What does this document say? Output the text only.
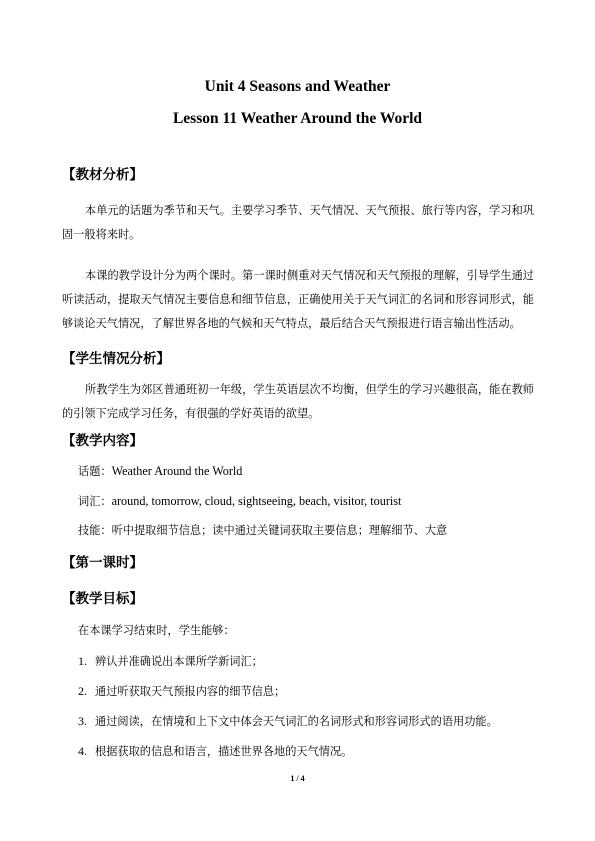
Unit 4 Seasons and Weather
Lesson 11 Weather Around the World
【教材分析】
本单元的话题为季节和天气。主要学习季节、天气情况、天气预报、旅行等内容，学习和巩固一般将来时。
本课的教学设计分为两个课时。第一课时侧重对天气情况和天气预报的理解，引导学生通过听读活动，提取天气情况主要信息和细节信息，正确使用关于天气词汇的名词和形容词形式，能够谈论天气情况，了解世界各地的气候和天气特点，最后结合天气预报进行语言输出性活动。
【学生情况分析】
所教学生为郊区普通班初一年级，学生英语层次不均衡，但学生的学习兴趣很高，能在教师的引领下完成学习任务，有很强的学好英语的欲望。
【教学内容】
话题：Weather Around the World
词汇：around, tomorrow, cloud, sightseeing, beach, visitor, tourist
技能：听中提取细节信息；读中通过关键词获取主要信息；理解细节、大意
【第一课时】
【教学目标】
在本课学习结束时，学生能够：
1. 辨认并准确说出本课所学新词汇；
2. 通过听获取天气预报内容的细节信息；
3. 通过阅读，在情境和上下文中体会天气词汇的名词形式和形容词形式的语用功能。
4. 根据获取的信息和语言，描述世界各地的天气情况。
1 / 4
